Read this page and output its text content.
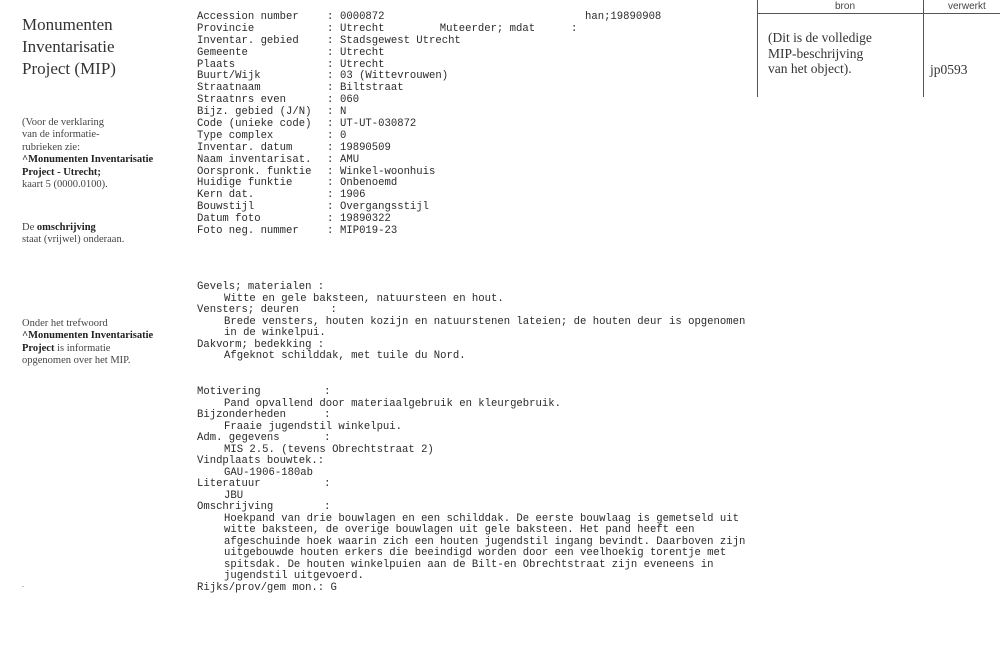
Monumenten
Inventarisatie
Project (MIP)
(Voor de verklaring
van de informatie-
rubrieken zie:
^Monumenten Inventarisatie
Project - Utrecht;
kaart 5 (0000.0100).
De omschrijving
staat (vrijwel) onderaan.
Onder het trefwoord
^Monumenten Inventarisatie
Project is informatie
opgenomen over het MIP.
.
Accession number	: 0000872
Provincie	: Utrecht
Inventar. gebied	: Stadsgewest Utrecht
Gemeente	: Utrecht
Plaats	: Utrecht
Buurt/Wijk	: 03 (Wittevrouwen)
Straatnaam	: Biltstraat
Straatnrs even	: 060
Bijz. gebied (J/N) : N
Code (unieke code) : UT-UT-030872
Type complex	: 0
Inventar. datum	: 19890509
Naam inventarisat. : AMU
Oorspronk. funktie : Winkel-woonhuis
Huidige funktie	: Onbenoemd
Kern dat.	: 1906
Bouwstijl	: Overgangsstijl
Datum foto	: 19890322
Foto neg. nummer	: MIP019-23

Muteerder; mdat	:
han;19890908

Gevels; materialen :
Witte en gele baksteen, natuursteen en hout.
Vensters; deuren     :
Brede vensters, houten kozijn en natuurstenen lateien; de houten deur is opgenomen in de winkelpui.
Dakvorm; bedekking :
Afgeknot schilddak, met tuile du Nord.
Motivering          :
Pand opvallend door materiaalgebruik en kleurgebruik.
Bijzonderheden      :
Fraaie jugendstil winkelpui.
Adm. gegevens       :
MIS 2.5. (tevens Obrechtstraat 2)
Vindplaats bouwtek.:
GAU-1906-180ab
Literatuur          :
JBU
Omschrijving        :
Hoekpand van drie bouwlagen en een schilddak. De eerste bouwlaag is gemetseld uit witte baksteen, de overige bouwlagen uit gele baksteen. Het pand heeft een afgeschuinde hoek waarin zich een houten jugendstil ingang bevindt. Daarboven zijn uitgebouwde houten erkers die beeindigd worden door een veelhoekig torentje met spitsdak. De houten winkelpuien aan de Bilt-en Obrechtstraat zijn eveneens in jugendstil uitgevoerd.
Rijks/prov/gem mon.: G
bron	verwerkt
(Dit is de volledige
MIP-beschrijving
van het object).	jp0593
